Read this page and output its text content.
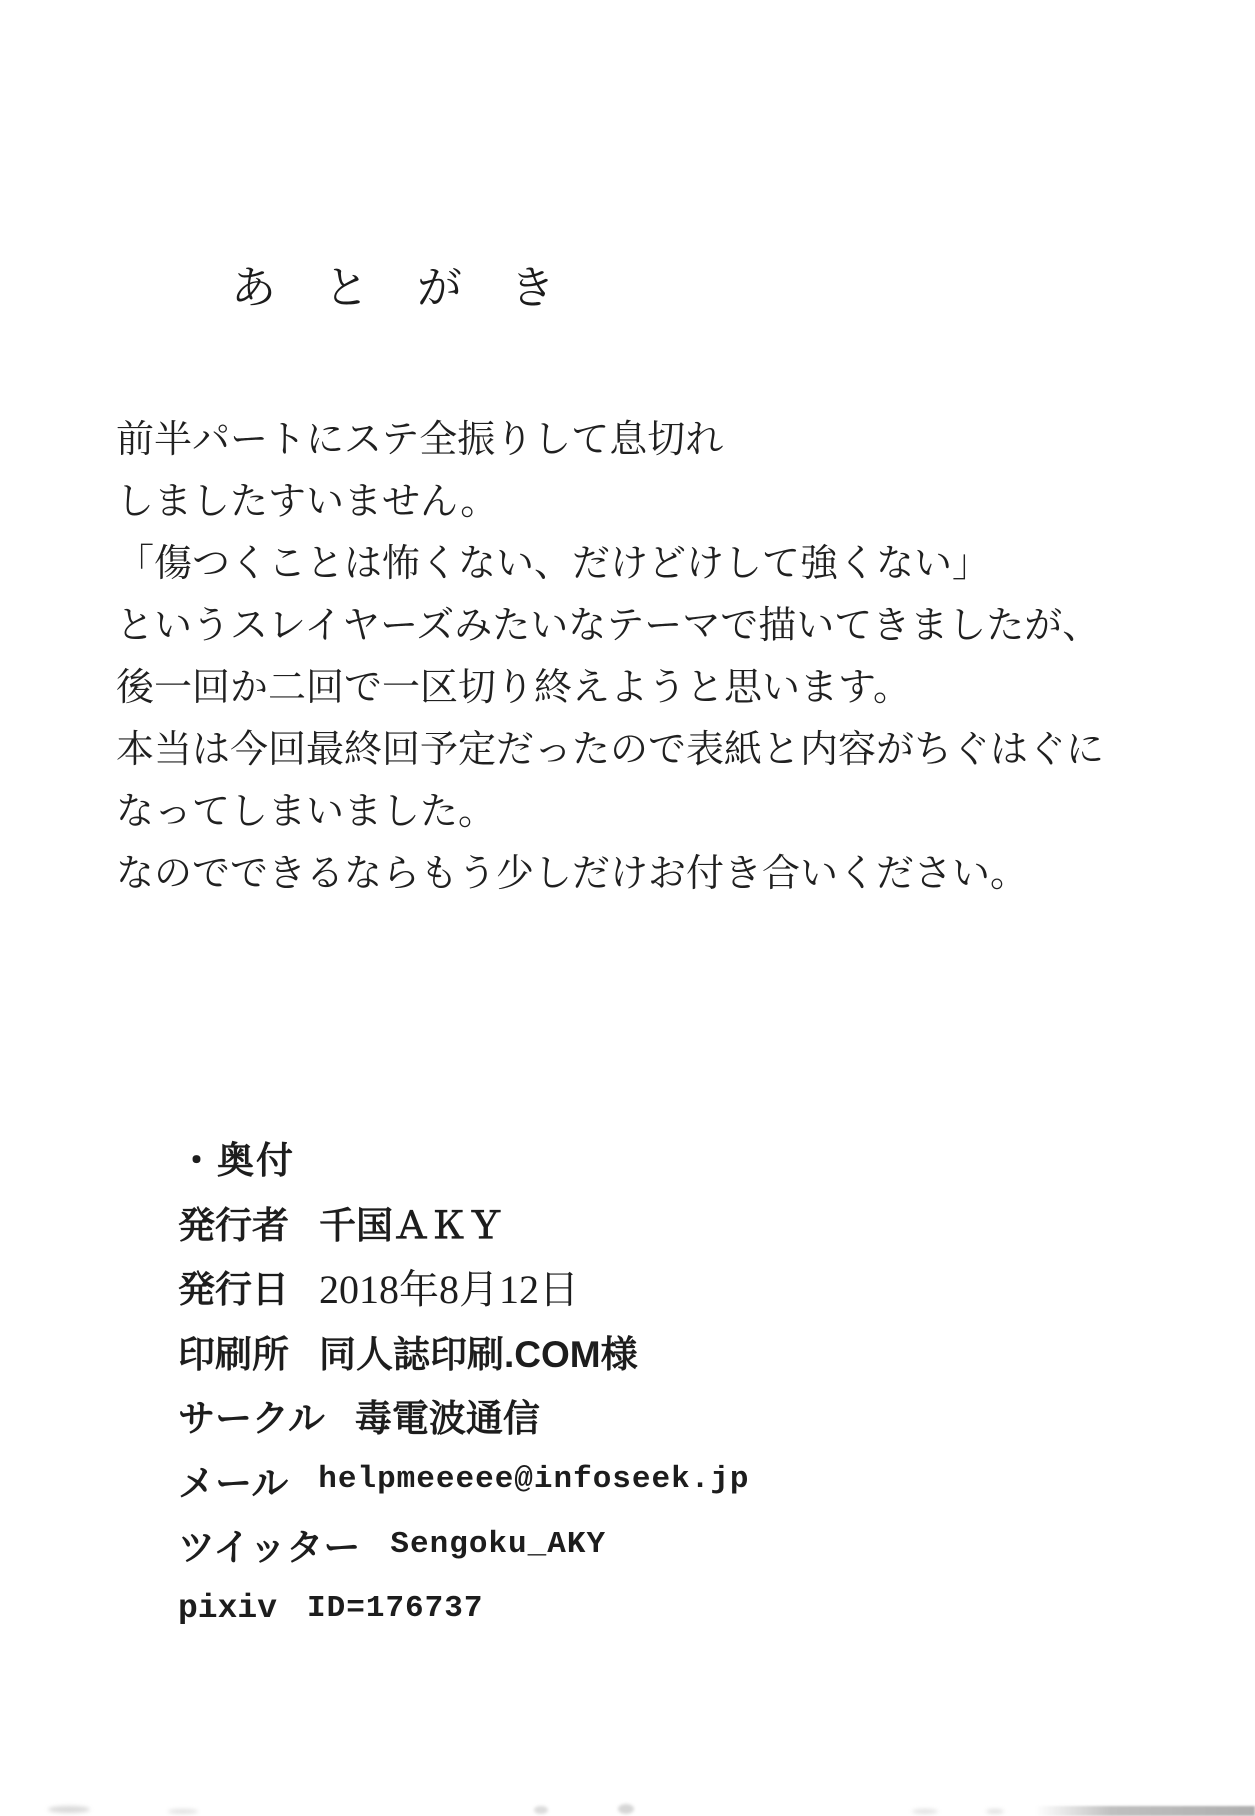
あとがき
前半パートにステ全振りして息切れ
しましたすいません。
「傷つくことは怖くない、だけどけして強くない」
というスレイヤーズみたいなテーマで描いてきましたが、
後一回か二回で一区切り終えようと思います。
本当は今回最終回予定だったので表紙と内容がちぐはぐに
なってしまいました。
なのでできるならもう少しだけお付き合いください。
・奥付
発行者 千国ＡＫＹ
発行日 2018年8月12日
印刷所 同人誌印刷.COM様
サークル 毒電波通信
メール helpmeeeee@infoseek.jp
ツイッター Sengoku_AKY
pixiv ID=176737
